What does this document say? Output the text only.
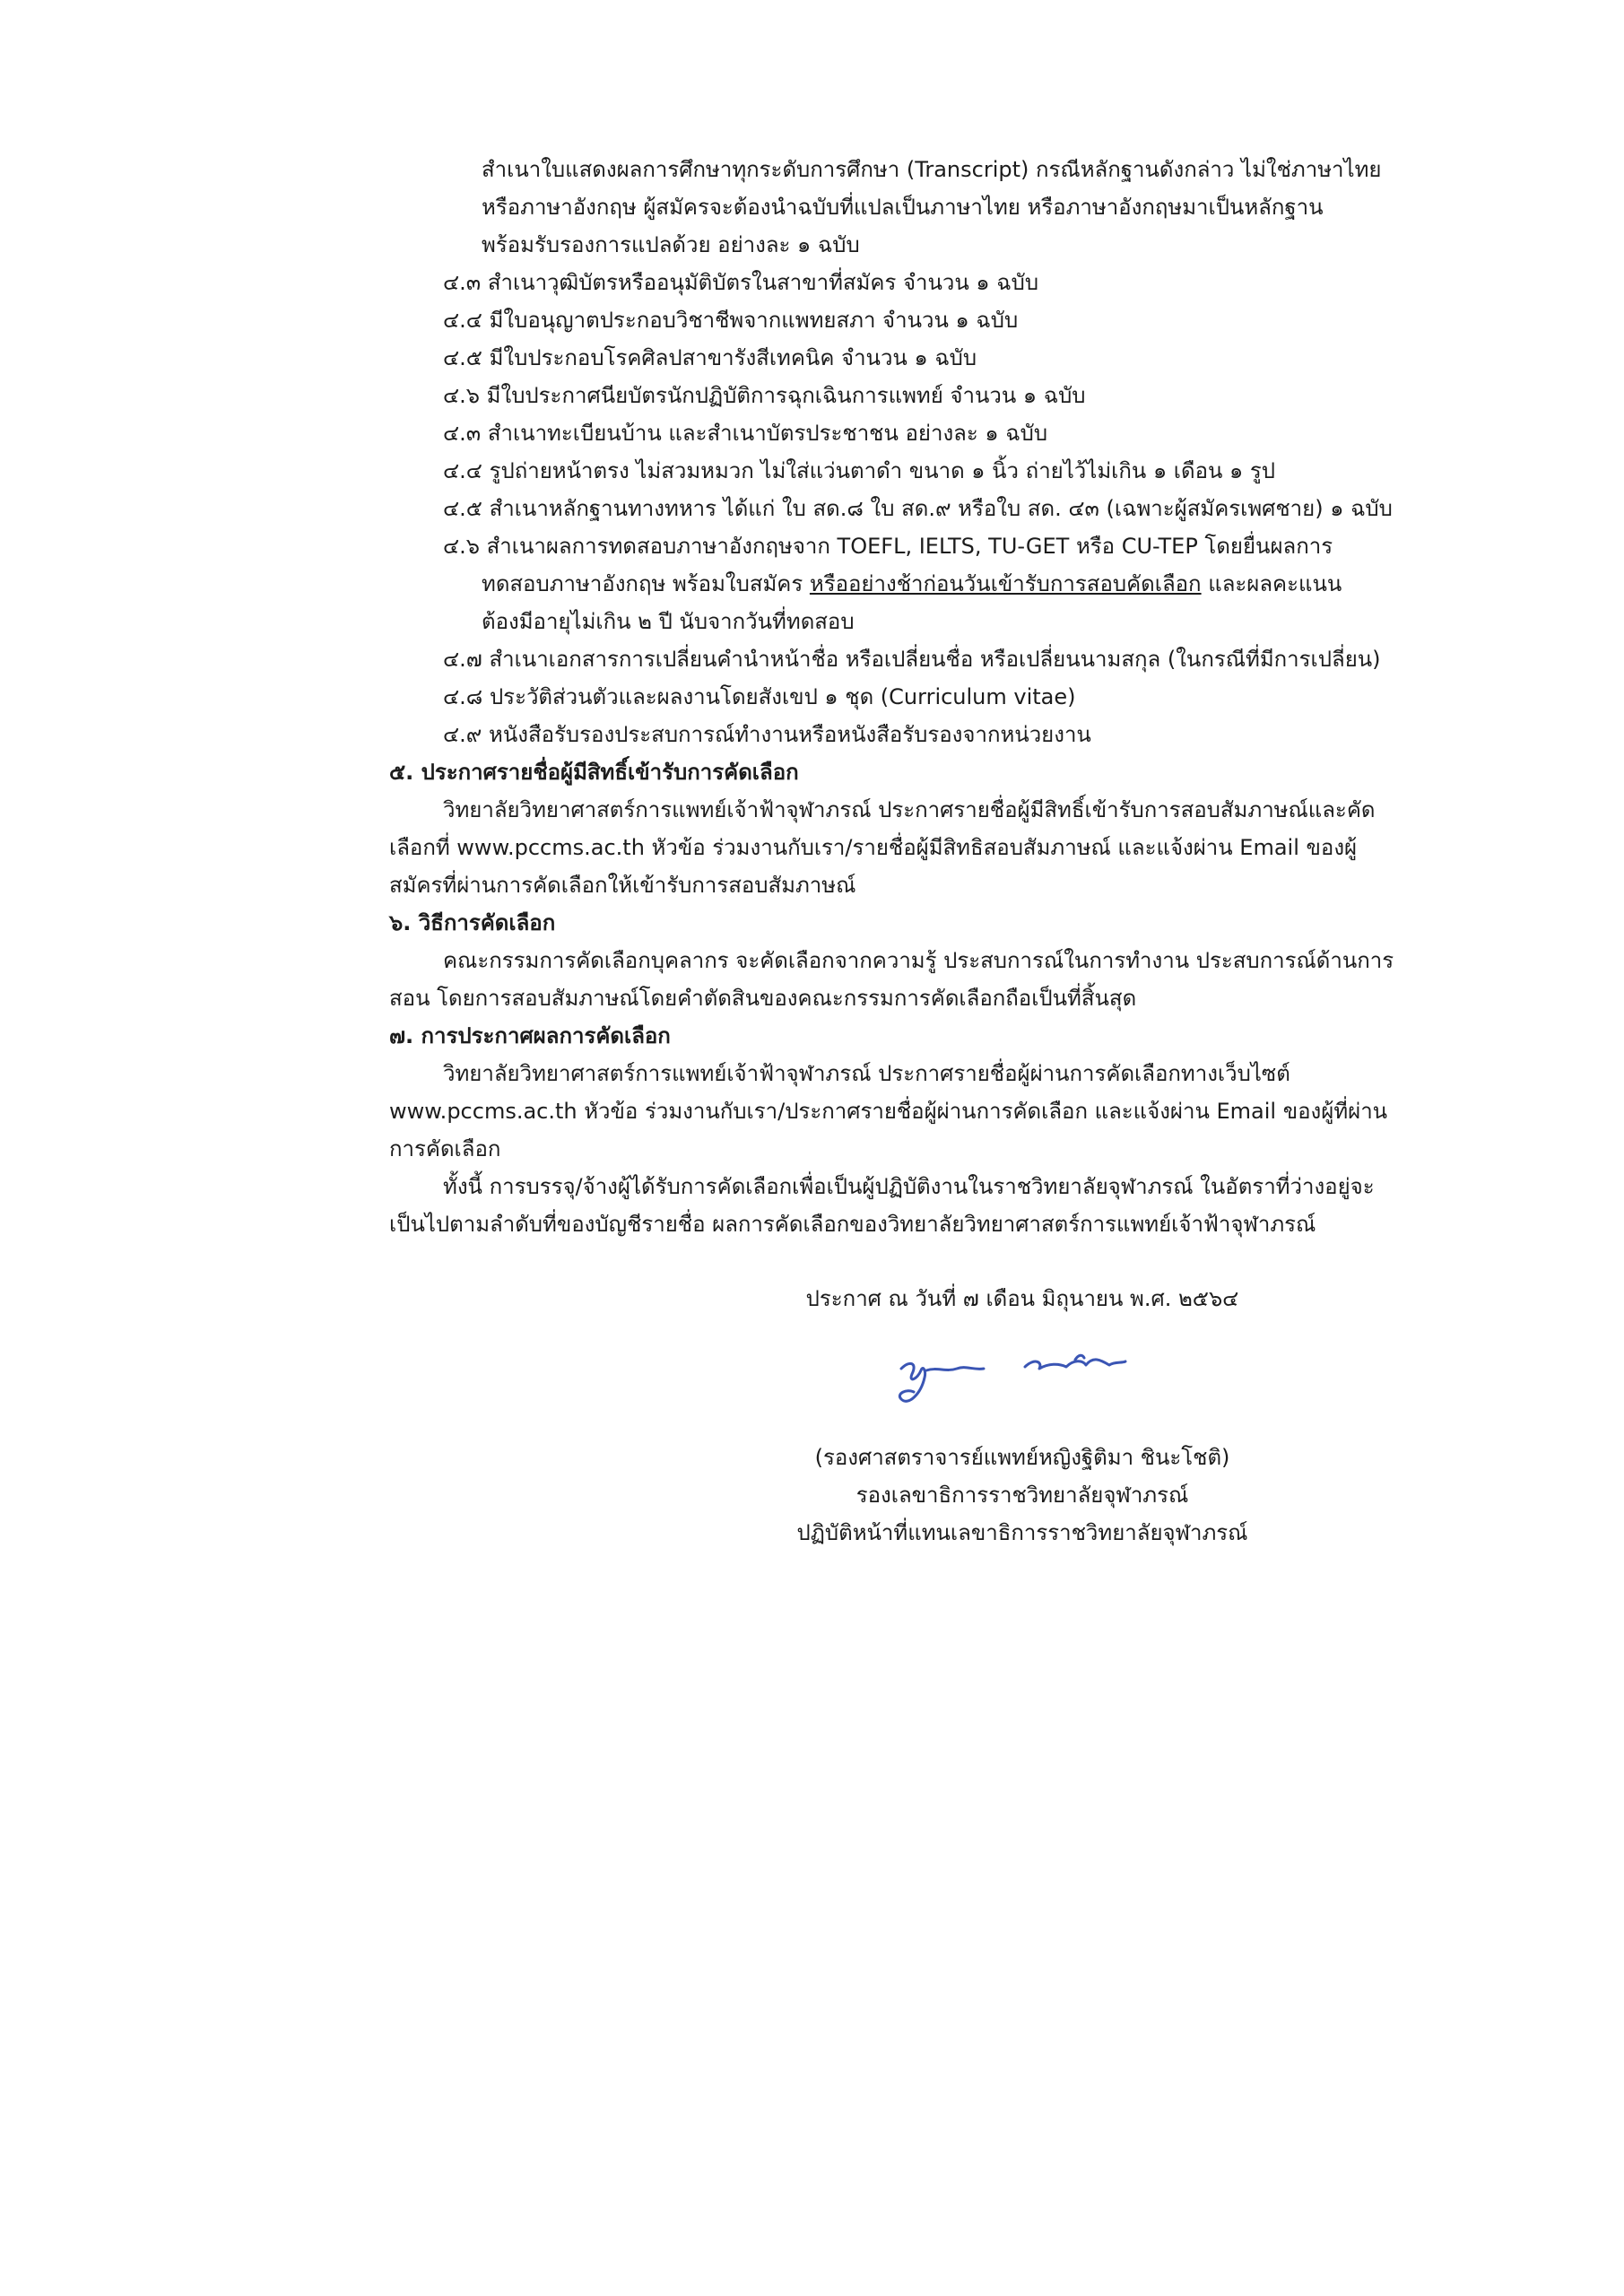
สำเนาใบแสดงผลการศึกษาทุกระดับการศึกษา (Transcript) กรณีหลักฐานดังกล่าว ไม่ใช่ภาษาไทย
หรือภาษาอังกฤษ ผู้สมัครจะต้องนำฉบับที่แปลเป็นภาษาไทย หรือภาษาอังกฤษมาเป็นหลักฐาน
พร้อมรับรองการแปลด้วย อย่างละ ๑ ฉบับ
๔.๓ สำเนาวุฒิบัตรหรืออนุมัติบัตรในสาขาที่สมัคร จำนวน ๑ ฉบับ
๔.๔ มีใบอนุญาตประกอบวิชาชีพจากแพทยสภา จำนวน ๑ ฉบับ
๔.๕ มีใบประกอบโรคศิลปสาขารังสีเทคนิค จำนวน ๑ ฉบับ
๔.๖ มีใบประกาศนียบัตรนักปฏิบัติการฉุกเฉินการแพทย์ จำนวน ๑ ฉบับ
๔.๓ สำเนาทะเบียนบ้าน และสำเนาบัตรประชาชน อย่างละ ๑ ฉบับ
๔.๔ รูปถ่ายหน้าตรง ไม่สวมหมวก ไม่ใส่แว่นตาดำ ขนาด ๑ นิ้ว ถ่ายไว้ไม่เกิน ๑ เดือน ๑ รูป
๔.๕ สำเนาหลักฐานทางทหาร ได้แก่ ใบ สด.๘ ใบ สด.๙ หรือใบ สด. ๔๓ (เฉพาะผู้สมัครเพศชาย) ๑ ฉบับ
๔.๖ สำเนาผลการทดสอบภาษาอังกฤษจาก TOEFL, IELTS, TU-GET หรือ CU-TEP โดยยื่นผลการ
ทดสอบภาษาอังกฤษ พร้อมใบสมัคร หรืออย่างช้าก่อนวันเข้ารับการสอบคัดเลือก และผลคะแนน
ต้องมีอายุไม่เกิน ๒ ปี นับจากวันที่ทดสอบ
๔.๗ สำเนาเอกสารการเปลี่ยนคำนำหน้าชื่อ หรือเปลี่ยนชื่อ หรือเปลี่ยนนามสกุล (ในกรณีที่มีการเปลี่ยน)
๔.๘ ประวัติส่วนตัวและผลงานโดยสังเขป ๑ ชุด (Curriculum vitae)
๔.๙ หนังสือรับรองประสบการณ์ทำงานหรือหนังสือรับรองจากหน่วยงาน
๕. ประกาศรายชื่อผู้มีสิทธิ์เข้ารับการคัดเลือก
วิทยาลัยวิทยาศาสตร์การแพทย์เจ้าฟ้าจุฬาภรณ์ ประกาศรายชื่อผู้มีสิทธิ์เข้ารับการสอบสัมภาษณ์และคัด
เลือกที่ www.pccms.ac.th หัวข้อ ร่วมงานกับเรา/รายชื่อผู้มีสิทธิสอบสัมภาษณ์ และแจ้งผ่าน Email ของผู้
สมัครที่ผ่านการคัดเลือกให้เข้ารับการสอบสัมภาษณ์
๖. วิธีการคัดเลือก
คณะกรรมการคัดเลือกบุคลากร จะคัดเลือกจากความรู้ ประสบการณ์ในการทำงาน ประสบการณ์ด้านการ
สอน โดยการสอบสัมภาษณ์โดยคำตัดสินของคณะกรรมการคัดเลือกถือเป็นที่สิ้นสุด
๗. การประกาศผลการคัดเลือก
วิทยาลัยวิทยาศาสตร์การแพทย์เจ้าฟ้าจุฬาภรณ์ ประกาศรายชื่อผู้ผ่านการคัดเลือกทางเว็บไซต์
www.pccms.ac.th หัวข้อ ร่วมงานกับเรา/ประกาศรายชื่อผู้ผ่านการคัดเลือก และแจ้งผ่าน Email ของผู้ที่ผ่าน
การคัดเลือก
ทั้งนี้ การบรรจุ/จ้างผู้ได้รับการคัดเลือกเพื่อเป็นผู้ปฏิบัติงานในราชวิทยาลัยจุฬาภรณ์ ในอัตราที่ว่างอยู่จะ
เป็นไปตามลำดับที่ของบัญชีรายชื่อ ผลการคัดเลือกของวิทยาลัยวิทยาศาสตร์การแพทย์เจ้าฟ้าจุฬาภรณ์
ประกาศ ณ วันที่ ๗ เดือน มิถุนายน พ.ศ. ๒๕๖๔
(รองศาสตราจารย์แพทย์หญิงฐิติมา ชินะโชติ)
รองเลขาธิการราชวิทยาลัยจุฬาภรณ์
ปฏิบัติหน้าที่แทนเลขาธิการราชวิทยาลัยจุฬาภรณ์
